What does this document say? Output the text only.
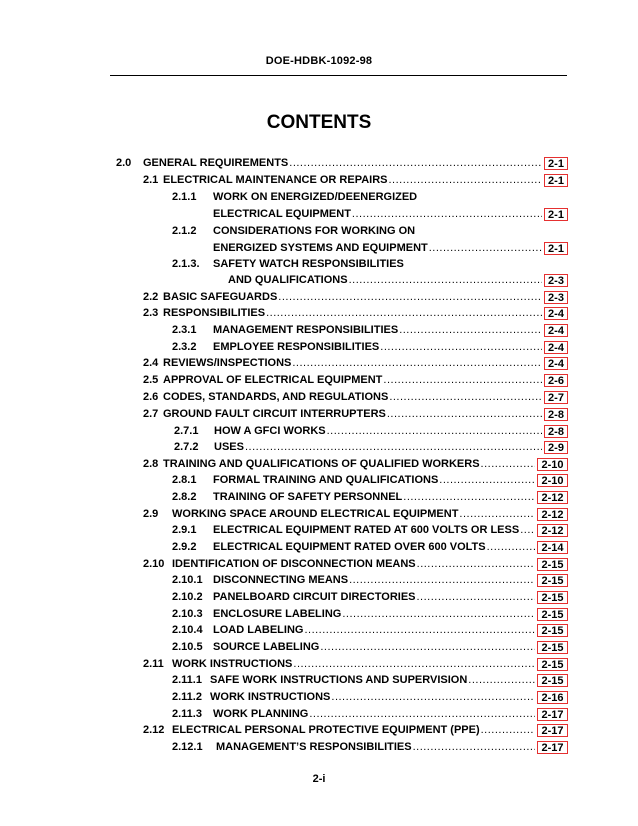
DOE-HDBK-1092-98
CONTENTS
2.0 GENERAL REQUIREMENTS .....	2-1
2.1 ELECTRICAL MAINTENANCE OR REPAIRS .....	2-1
2.1.1 WORK ON ENERGIZED/DEENERGIZED
ELECTRICAL EQUIPMENT .....	2-1
2.1.2 CONSIDERATIONS FOR WORKING ON
ENERGIZED SYSTEMS AND EQUIPMENT .....	2-1
2.1.3. SAFETY WATCH RESPONSIBILITIES
AND QUALIFICATIONS .....	2-3
2.2 BASIC SAFEGUARDS .....	2-3
2.3 RESPONSIBILITIES .....	2-4
2.3.1 MANAGEMENT RESPONSIBILITIES .....	2-4
2.3.2 EMPLOYEE RESPONSIBILITIES .....	2-4
2.4 REVIEWS/INSPECTIONS .....	2-4
2.5 APPROVAL OF ELECTRICAL EQUIPMENT .....	2-6
2.6 CODES, STANDARDS, AND REGULATIONS .....	2-7
2.7 GROUND FAULT CIRCUIT INTERRUPTERS .....	2-8
2.7.1 HOW A GFCI WORKS .....	2-8
2.7.2 USES .....	2-9
2.8 TRAINING AND QUALIFICATIONS OF QUALIFIED WORKERS .....	2-10
2.8.1 FORMAL TRAINING AND QUALIFICATIONS .....	2-10
2.8.2 TRAINING OF SAFETY PERSONNEL .....	2-12
2.9 WORKING SPACE AROUND ELECTRICAL EQUIPMENT .....	2-12
2.9.1 ELECTRICAL EQUIPMENT RATED AT 600 VOLTS OR LESS .....	2-12
2.9.2 ELECTRICAL EQUIPMENT RATED OVER 600 VOLTS .....	2-14
2.10 IDENTIFICATION OF DISCONNECTION MEANS .....	2-15
2.10.1 DISCONNECTING MEANS .....	2-15
2.10.2 PANELBOARD CIRCUIT DIRECTORIES .....	2-15
2.10.3 ENCLOSURE LABELING .....	2-15
2.10.4 LOAD LABELING .....	2-15
2.10.5 SOURCE LABELING .....	2-15
2.11 WORK INSTRUCTIONS .....	2-15
2.11.1 SAFE WORK INSTRUCTIONS AND SUPERVISION .....	2-15
2.11.2 WORK INSTRUCTIONS .....	2-16
2.11.3 WORK PLANNING .....	2-17
2.12 ELECTRICAL PERSONAL PROTECTIVE EQUIPMENT (PPE) .....	2-17
2.12.1 MANAGEMENT’S RESPONSIBILITIES .....	2-17
2-i
